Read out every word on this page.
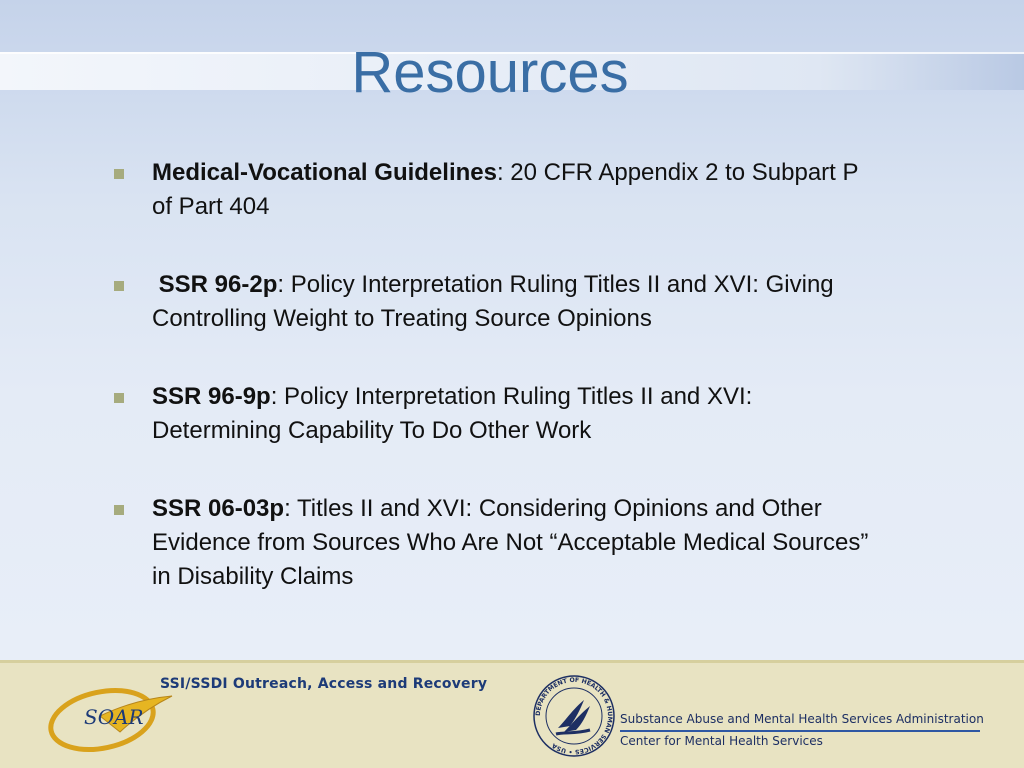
Resources
Medical-Vocational Guidelines: 20 CFR Appendix 2 to Subpart P of Part 404
SSR 96-2p: Policy Interpretation Ruling Titles II and XVI: Giving Controlling Weight to Treating Source Opinions
SSR 96-9p: Policy Interpretation Ruling Titles II and XVI: Determining Capability To Do Other Work
SSR 06-03p: Titles II and XVI: Considering Opinions and Other Evidence from Sources Who Are Not “Acceptable Medical Sources” in Disability Claims
SOAR
SSI/SSDI Outreach, Access and Recovery
DEPARTMENT OF HEALTH & HUMAN SERVICES • USA
Substance Abuse and Mental Health Services Administration
Center for Mental Health Services
